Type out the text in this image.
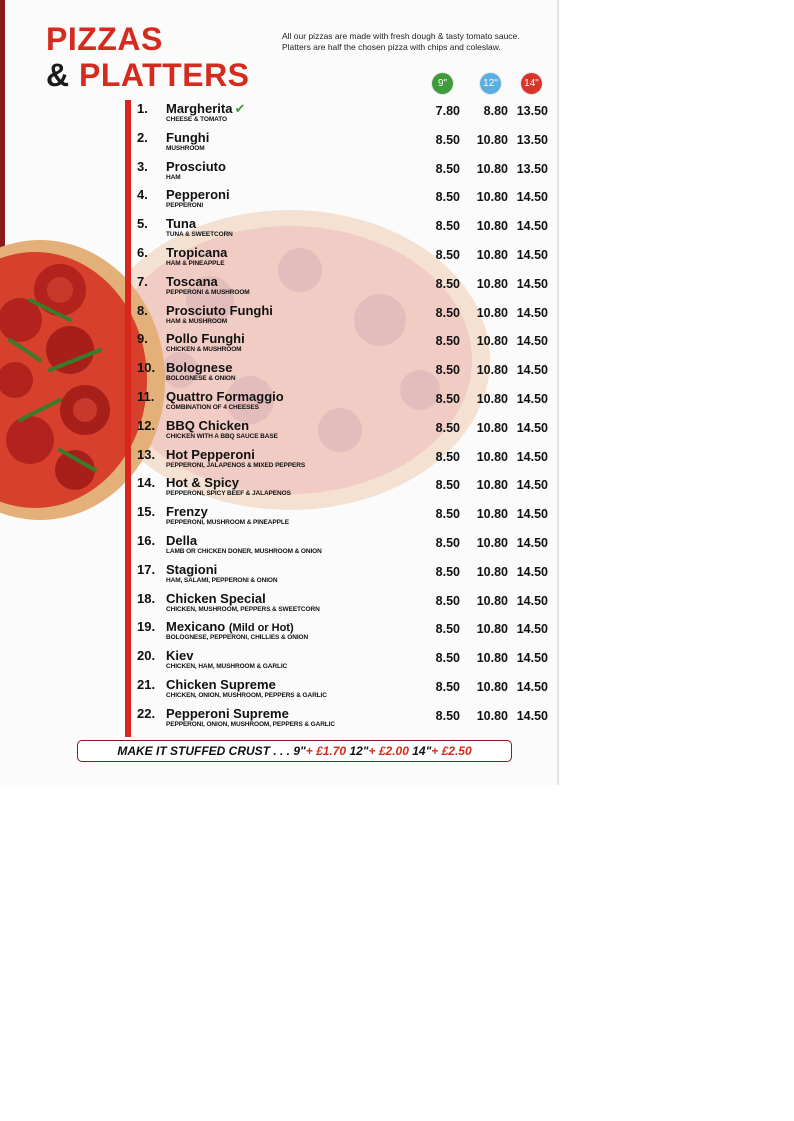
PIZZAS
& PLATTERS
All our pizzas are made with fresh dough & tasty tomato sauce.
Platters are half the chosen pizza with chips and coleslaw.
9"	12"	14"
1. Margherita ✔
CHEESE & TOMATO
7.80	8.80 13.50
2. Funghi
MUSHROOM
8.50	10.80 13.50
3. Prosciuto
HAM
8.50	10.80 13.50
4. Pepperoni
PEPPERONI
8.50	10.80 14.50
5. Tuna
TUNA & SWEETCORN
8.50	10.80 14.50
6. Tropicana
HAM & PINEAPPLE
8.50	10.80 14.50
7. Toscana
PEPPERONI & MUSHROOM
8.50	10.80 14.50
8. Prosciuto Funghi
HAM & MUSHROOM
8.50	10.80 14.50
9. Pollo Funghi
CHICKEN & MUSHROOM
8.50	10.80 14.50
10. Bolognese
BOLOGNESE & ONION
8.50	10.80 14.50
11. Quattro Formaggio
COMBINATION OF 4 CHEESES
8.50	10.80 14.50
12. BBQ Chicken
CHICKEN WITH A BBQ SAUCE BASE
8.50	10.80 14.50
13. Hot Pepperoni
PEPPERONI, JALAPENOS & MIXED PEPPERS
8.50	10.80 14.50
14. Hot & Spicy
PEPPERONI, SPICY BEEF & JALAPENOS
8.50	10.80 14.50
15. Frenzy
PEPPERONI, MUSHROOM & PINEAPPLE
8.50	10.80 14.50
16. Della
LAMB OR CHICKEN DONER, MUSHROOM & ONION
8.50	10.80 14.50
17. Stagioni
HAM, SALAMI, PEPPERONI & ONION
8.50	10.80 14.50
18. Chicken Special
CHICKEN, MUSHROOM, PEPPERS & SWEETCORN
8.50	10.80 14.50
19. Mexicano (Mild or Hot)
BOLOGNESE, PEPPERONI, CHILLIES & ONION
8.50	10.80 14.50
20. Kiev
CHICKEN, HAM, MUSHROOM & GARLIC
8.50	10.80 14.50
21. Chicken Supreme
CHICKEN, ONION, MUSHROOM, PEPPERS & GARLIC
8.50	10.80 14.50
22. Pepperoni Supreme
PEPPERONI, ONION, MUSHROOM, PEPPERS & GARLIC
8.50	10.80 14.50
MAKE IT STUFFED CRUST . . . 9"+ £1.70 12"+ £2.00 14"+ £2.50
